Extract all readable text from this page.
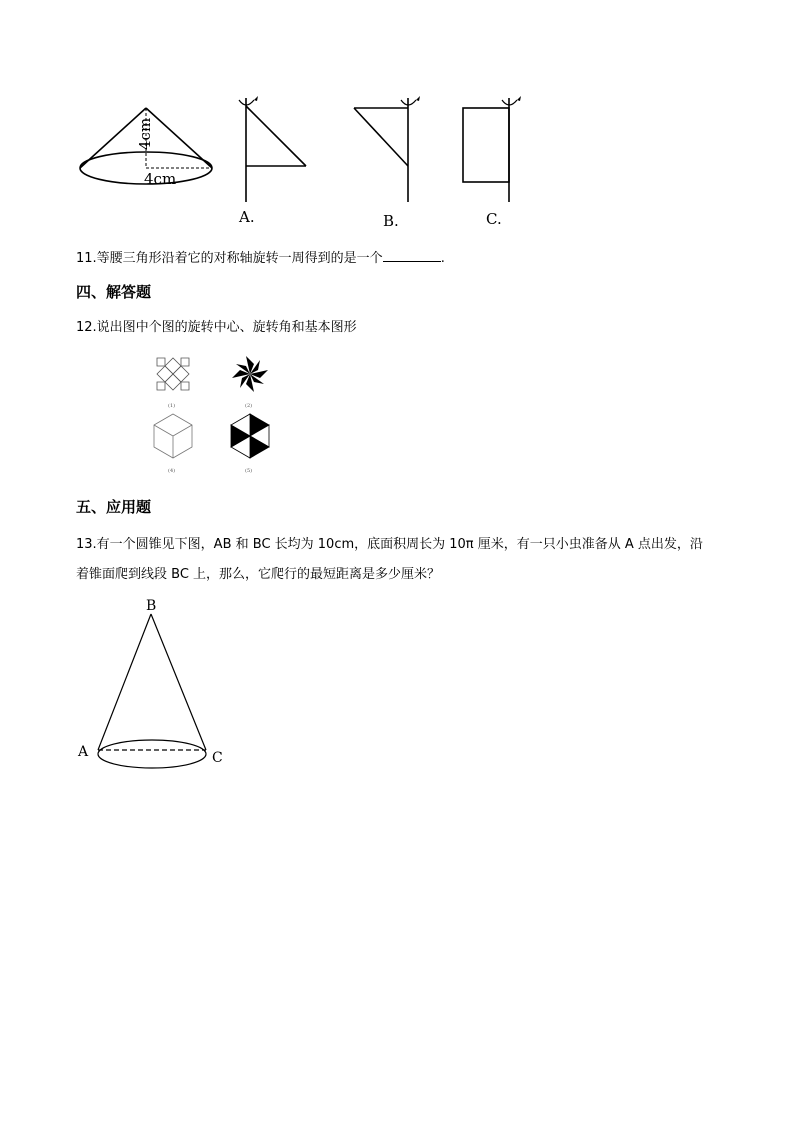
4cm
4cm
A.	B.	C.
11.等腰三角形沿着它的对称轴旋转一周得到的是一个	.
四、解答题
12.说出图中个图的旋转中心、旋转角和基本图形
(1)	(2)
(4)	(5)
五、应用题
13.有一个圆锥见下图，AB 和 BC 长均为 10cm，底面积周长为 10π 厘米，有一只小虫准备从 A 点出发，沿
着锥面爬到线段 BC 上，那么，它爬行的最短距离是多少厘米？
B
A	C
